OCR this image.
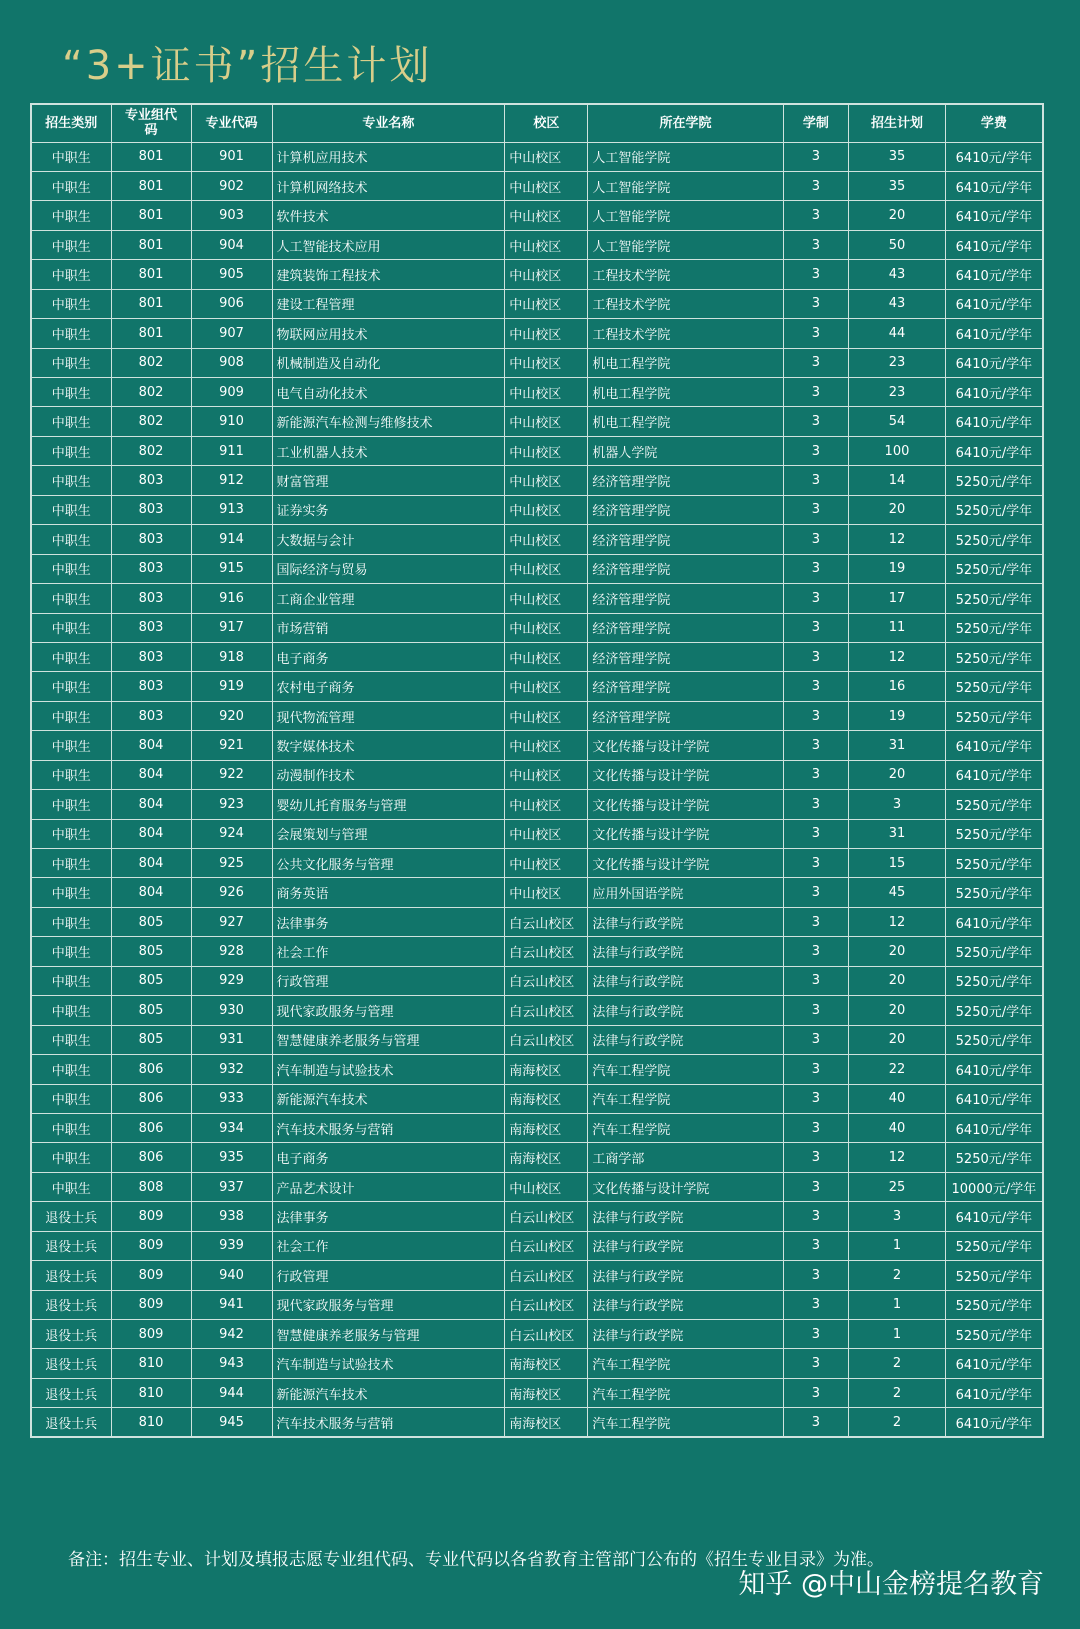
“3+证书”招生计划
招生类别	专业组代码	专业代码	专业名称	校区	所在学院	学制	招生计划	学费
中职生	801	901	计算机应用技术	中山校区	人工智能学院	3	35	6410元/学年
中职生	801	902	计算机网络技术	中山校区	人工智能学院	3	35	6410元/学年
中职生	801	903	软件技术	中山校区	人工智能学院	3	20	6410元/学年
中职生	801	904	人工智能技术应用	中山校区	人工智能学院	3	50	6410元/学年
中职生	801	905	建筑装饰工程技术	中山校区	工程技术学院	3	43	6410元/学年
中职生	801	906	建设工程管理	中山校区	工程技术学院	3	43	6410元/学年
中职生	801	907	物联网应用技术	中山校区	工程技术学院	3	44	6410元/学年
中职生	802	908	机械制造及自动化	中山校区	机电工程学院	3	23	6410元/学年
中职生	802	909	电气自动化技术	中山校区	机电工程学院	3	23	6410元/学年
中职生	802	910	新能源汽车检测与维修技术	中山校区	机电工程学院	3	54	6410元/学年
中职生	802	911	工业机器人技术	中山校区	机器人学院	3	100	6410元/学年
中职生	803	912	财富管理	中山校区	经济管理学院	3	14	5250元/学年
中职生	803	913	证券实务	中山校区	经济管理学院	3	20	5250元/学年
中职生	803	914	大数据与会计	中山校区	经济管理学院	3	12	5250元/学年
中职生	803	915	国际经济与贸易	中山校区	经济管理学院	3	19	5250元/学年
中职生	803	916	工商企业管理	中山校区	经济管理学院	3	17	5250元/学年
中职生	803	917	市场营销	中山校区	经济管理学院	3	11	5250元/学年
中职生	803	918	电子商务	中山校区	经济管理学院	3	12	5250元/学年
中职生	803	919	农村电子商务	中山校区	经济管理学院	3	16	5250元/学年
中职生	803	920	现代物流管理	中山校区	经济管理学院	3	19	5250元/学年
中职生	804	921	数字媒体技术	中山校区	文化传播与设计学院	3	31	6410元/学年
中职生	804	922	动漫制作技术	中山校区	文化传播与设计学院	3	20	6410元/学年
中职生	804	923	婴幼儿托育服务与管理	中山校区	文化传播与设计学院	3	3	5250元/学年
中职生	804	924	会展策划与管理	中山校区	文化传播与设计学院	3	31	5250元/学年
中职生	804	925	公共文化服务与管理	中山校区	文化传播与设计学院	3	15	5250元/学年
中职生	804	926	商务英语	中山校区	应用外国语学院	3	45	5250元/学年
中职生	805	927	法律事务	白云山校区	法律与行政学院	3	12	6410元/学年
中职生	805	928	社会工作	白云山校区	法律与行政学院	3	20	5250元/学年
中职生	805	929	行政管理	白云山校区	法律与行政学院	3	20	5250元/学年
中职生	805	930	现代家政服务与管理	白云山校区	法律与行政学院	3	20	5250元/学年
中职生	805	931	智慧健康养老服务与管理	白云山校区	法律与行政学院	3	20	5250元/学年
中职生	806	932	汽车制造与试验技术	南海校区	汽车工程学院	3	22	6410元/学年
中职生	806	933	新能源汽车技术	南海校区	汽车工程学院	3	40	6410元/学年
中职生	806	934	汽车技术服务与营销	南海校区	汽车工程学院	3	40	6410元/学年
中职生	806	935	电子商务	南海校区	工商学部	3	12	5250元/学年
中职生	808	937	产品艺术设计	中山校区	文化传播与设计学院	3	25	10000元/学年
退役士兵	809	938	法律事务	白云山校区	法律与行政学院	3	3	6410元/学年
退役士兵	809	939	社会工作	白云山校区	法律与行政学院	3	1	5250元/学年
退役士兵	809	940	行政管理	白云山校区	法律与行政学院	3	2	5250元/学年
退役士兵	809	941	现代家政服务与管理	白云山校区	法律与行政学院	3	1	5250元/学年
退役士兵	809	942	智慧健康养老服务与管理	白云山校区	法律与行政学院	3	1	5250元/学年
退役士兵	810	943	汽车制造与试验技术	南海校区	汽车工程学院	3	2	6410元/学年
退役士兵	810	944	新能源汽车技术	南海校区	汽车工程学院	3	2	6410元/学年
退役士兵	810	945	汽车技术服务与营销	南海校区	汽车工程学院	3	2	6410元/学年
备注：招生专业、计划及填报志愿专业组代码、专业代码以各省教育主管部门公布的《招生专业目录》为准。
知乎 @中山金榜提名教育
